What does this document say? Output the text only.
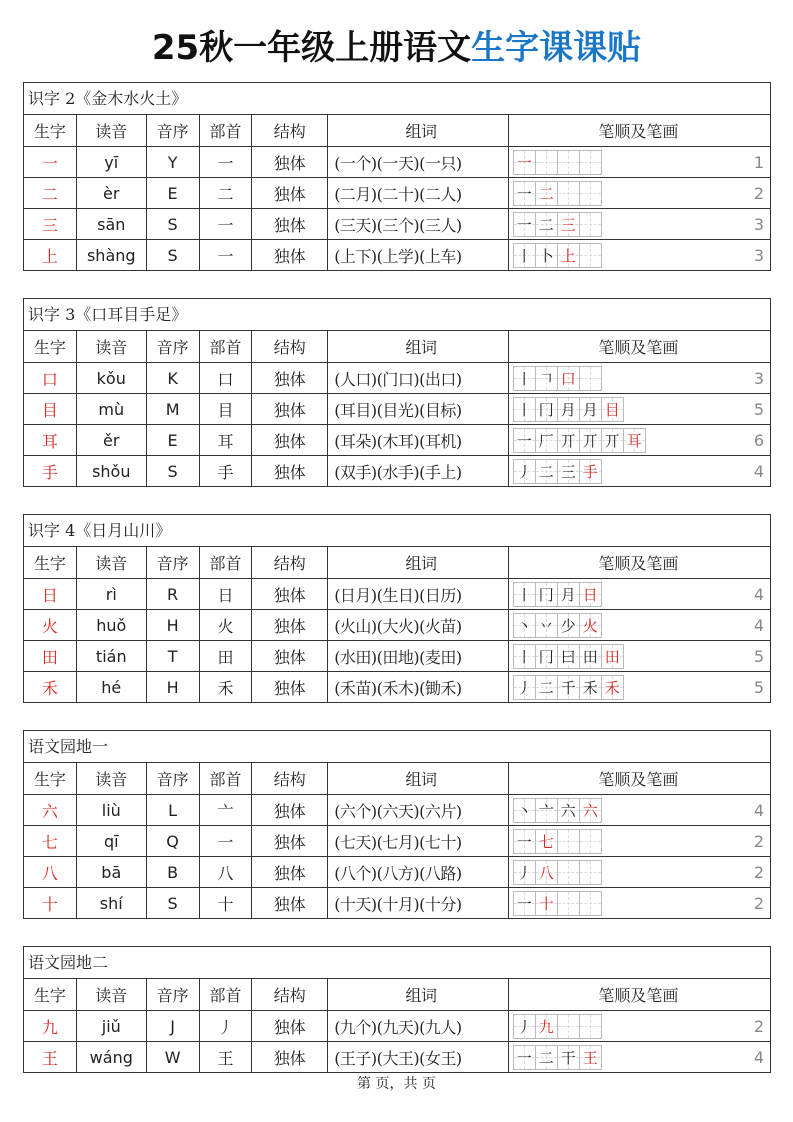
25秋一年级上册语文生字课课贴
识字 2《金木水火土》
生字	读音	音序	部首	结构	组词	笔顺及笔画
一	yī	Y	一	独体	(一个)(一天)(一只)	一	1
二	èr	E	二	独体	(二月)(二十)(二人)	一 二	2
三	sān	S	一	独体	(三天)(三个)(三人)	一 二 三	3
上	shàng	S	一	独体	(上下)(上学)(上车)	丨 卜 上	3
识字 3《口耳目手足》
生字	读音	音序	部首	结构	组词	笔顺及笔画
口	kǒu	K	口	独体	(人口)(门口)(出口)	丨 𠃍 口	3
目	mù	M	目	独体	(耳目)(目光)(目标)	丨 冂 月 月 目	5
耳	ěr	E	耳	独体	(耳朵)(木耳)(耳机)	一 厂 丌 丌 丌 耳	6
手	shǒu	S	手	独体	(双手)(水手)(手上)	丿 二 三 手	4
识字 4《日月山川》
生字	读音	音序	部首	结构	组词	笔顺及笔画
日	rì	R	日	独体	(日月)(生日)(日历)	丨 冂 月 日	4
火	huǒ	H	火	独体	(火山)(大火)(火苗)	丶 丷 少 火	4
田	tián	T	田	独体	(水田)(田地)(麦田)	丨 冂 曰 田 田	5
禾	hé	H	禾	独体	(禾苗)(禾木)(锄禾)	丿 二 千 禾 禾	5
语文园地一
生字	读音	音序	部首	结构	组词	笔顺及笔画
六	liù	L	亠	独体	(六个)(六天)(六片)	丶 亠 六 六	4
七	qī	Q	一	独体	(七天)(七月)(七十)	一 七	2
八	bā	B	八	独体	(八个)(八方)(八路)	丿 八	2
十	shí	S	十	独体	(十天)(十月)(十分)	一 十	2
语文园地二
生字	读音	音序	部首	结构	组词	笔顺及笔画
九	jiǔ	J	丿	独体	(九个)(九天)(九人)	丿 九	2
王	wáng	W	王	独体	(王子)(大王)(女王)	一 二 干 王	4
第 页，共 页
